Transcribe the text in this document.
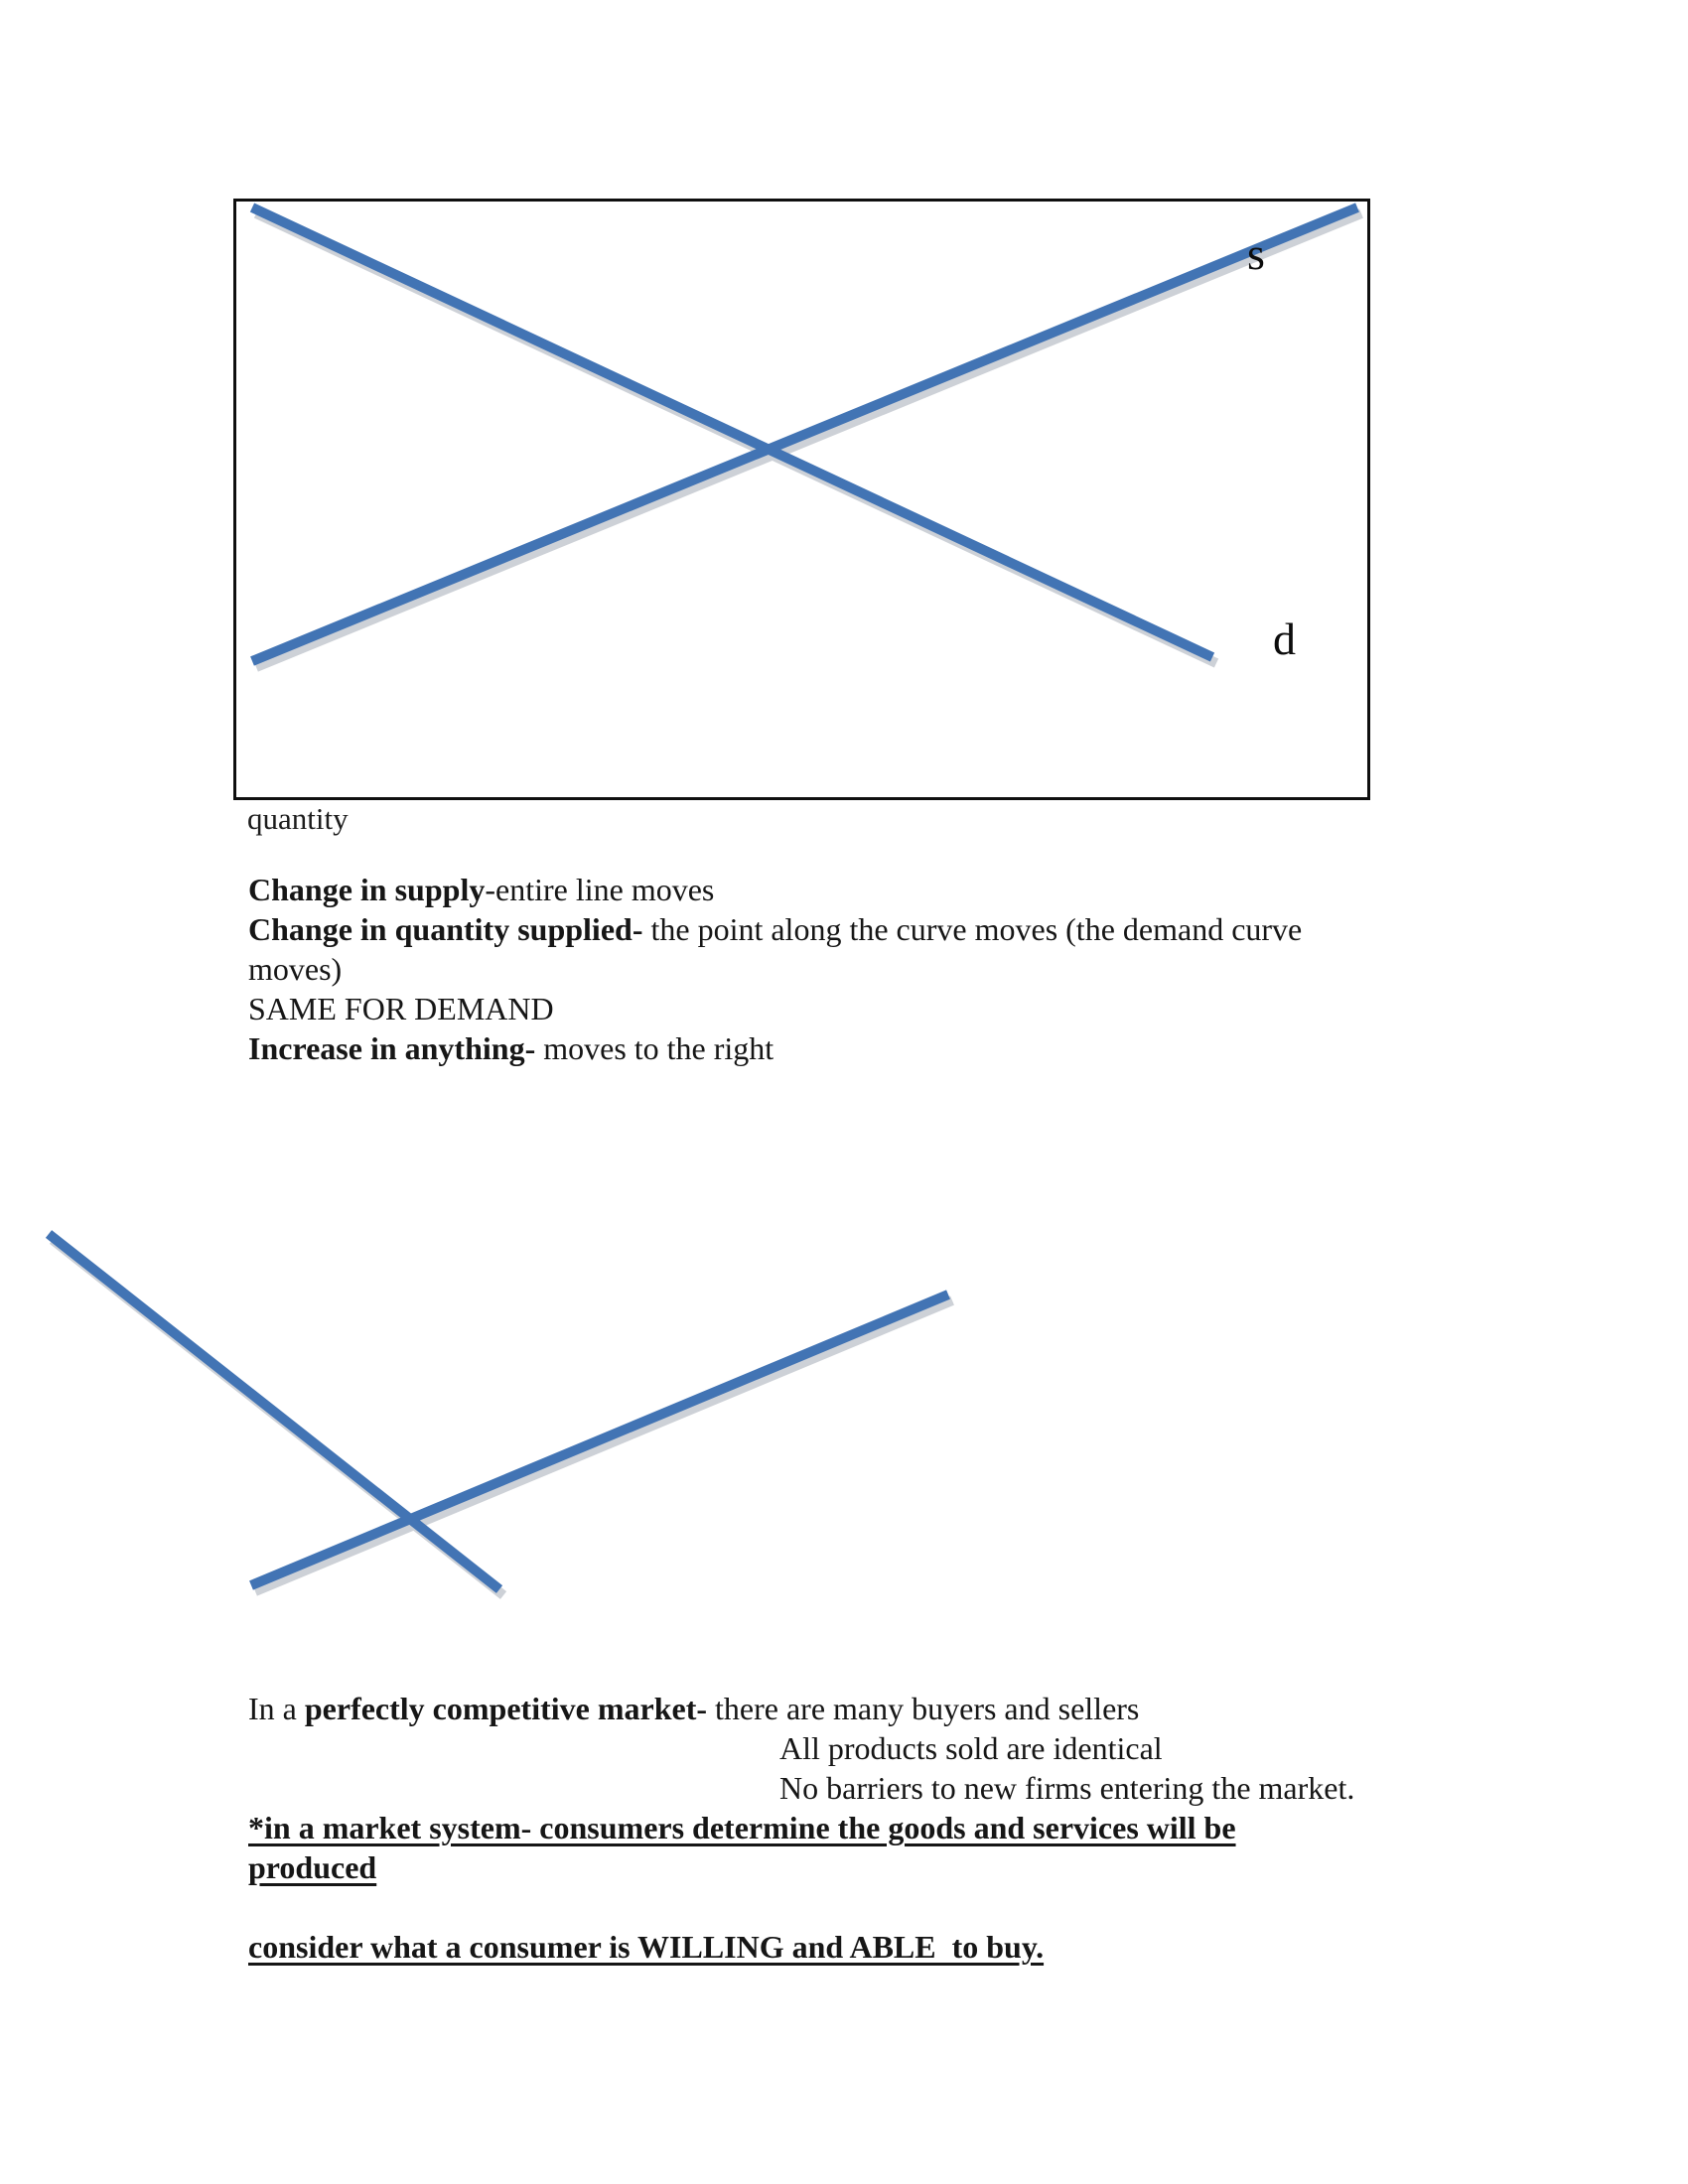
s
d
quantity
Change in supply-entire line moves
Change in quantity supplied- the point along the curve moves (the demand curve
moves)
SAME FOR DEMAND
Increase in anything- moves to the right
In a perfectly competitive market- there are many buyers and sellers
All products sold are identical
No barriers to new firms entering the market.
*in a market system- consumers determine the goods and services will be
produced
consider what a consumer is WILLING and ABLE  to buy.
